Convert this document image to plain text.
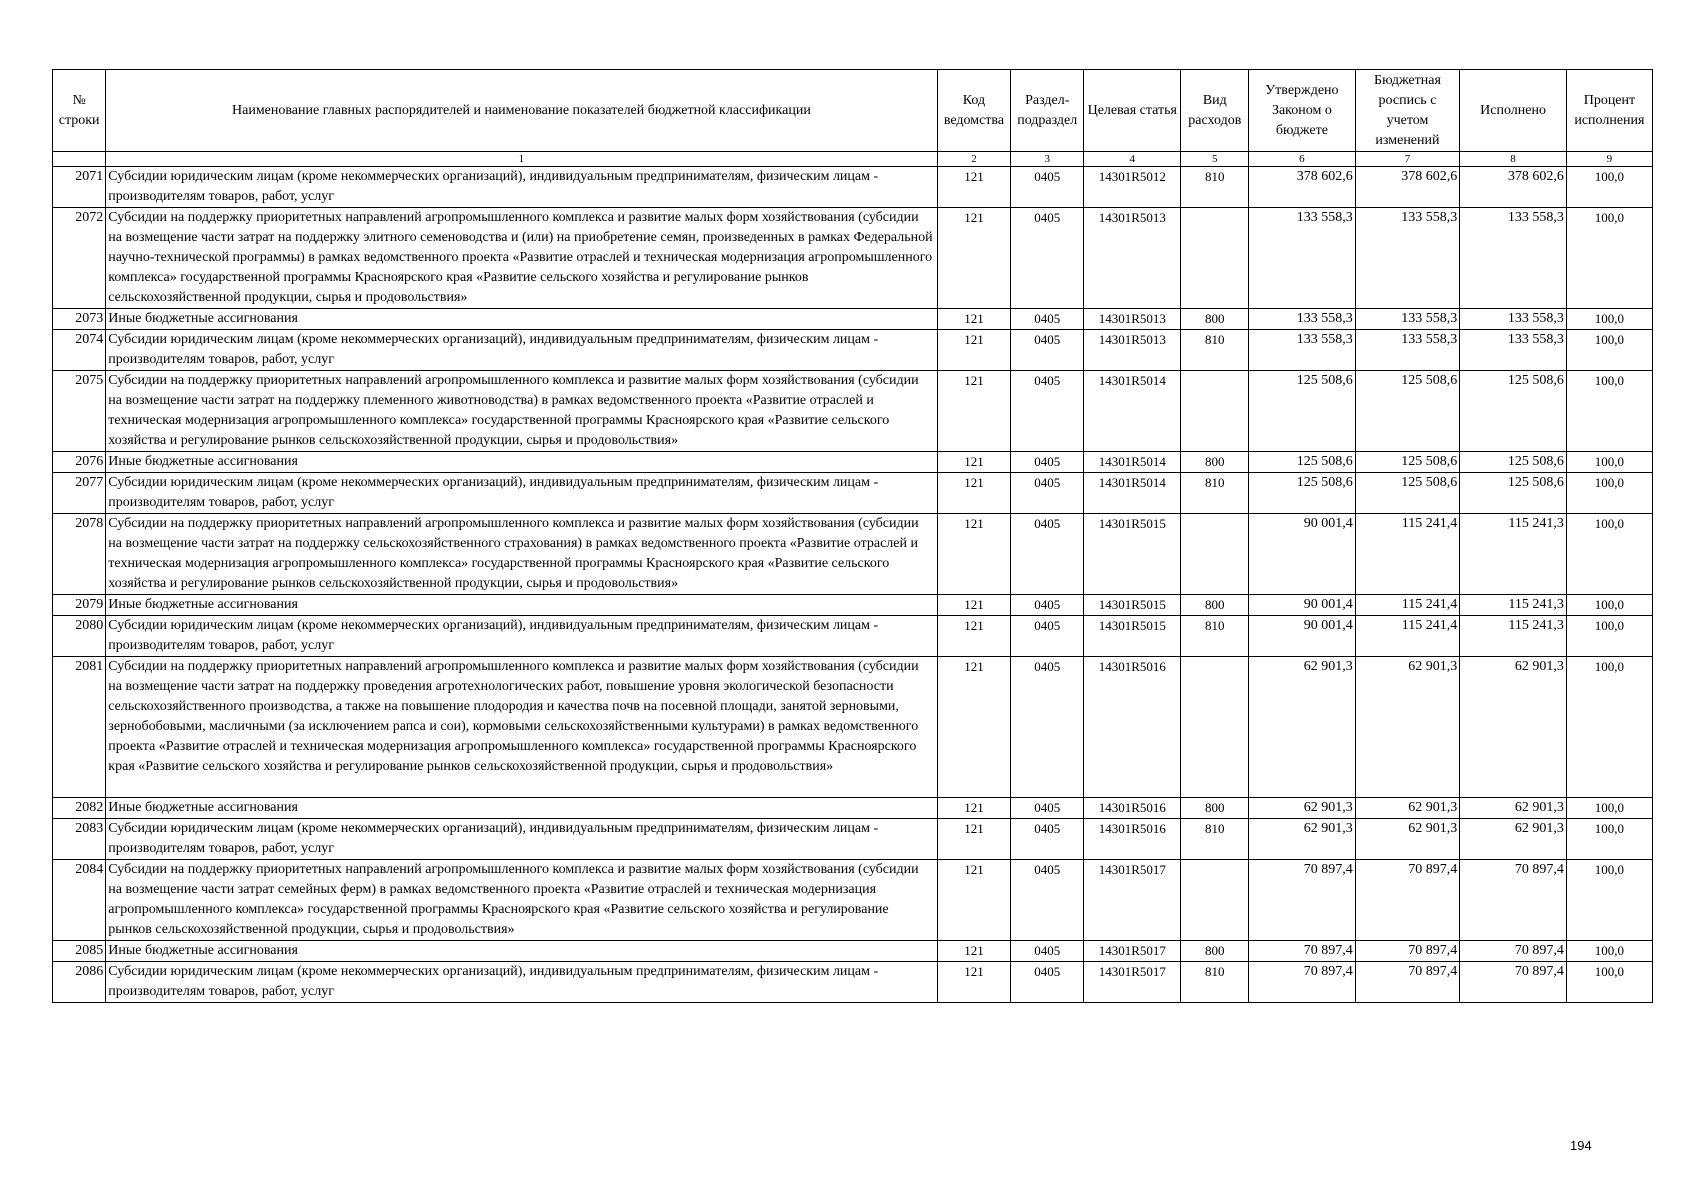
№ строки	Наименование главных распорядителей и наименование показателей бюджетной классификации	Код ведомства	Раздел-подраздел	Целевая статья	Вид расходов	Утверждено Законом о бюджете	Бюджетная роспись с учетом изменений	Исполнено	Процент исполнения
	1	2	3	4	5	6	7	8	9
2071	Субсидии юридическим лицам (кроме некоммерческих организаций), индивидуальным предпринимателям, физическим лицам - производителям товаров, работ, услуг	121	0405	14301R5012	810	378 602,6	378 602,6	378 602,6	100,0
2072	Субсидии на поддержку приоритетных направлений агропромышленного комплекса и развитие малых форм хозяйствования (субсидии на возмещение части затрат на поддержку элитного семеноводства и (или) на приобретение семян, произведенных в рамках Федеральной научно-технической программы) в рамках ведомственного проекта «Развитие отраслей и техническая модернизация агропромышленного комплекса» государственной программы Красноярского края «Развитие сельского хозяйства и регулирование рынков сельскохозяйственной продукции, сырья и продовольствия»	121	0405	14301R5013		133 558,3	133 558,3	133 558,3	100,0
2073	Иные бюджетные ассигнования	121	0405	14301R5013	800	133 558,3	133 558,3	133 558,3	100,0
2074	Субсидии юридическим лицам (кроме некоммерческих организаций), индивидуальным предпринимателям, физическим лицам - производителям товаров, работ, услуг	121	0405	14301R5013	810	133 558,3	133 558,3	133 558,3	100,0
2075	Субсидии на поддержку приоритетных направлений агропромышленного комплекса и развитие малых форм хозяйствования (субсидии на возмещение части затрат на поддержку племенного животноводства) в рамках ведомственного проекта «Развитие отраслей и техническая модернизация агропромышленного комплекса» государственной программы Красноярского края «Развитие сельского хозяйства и регулирование рынков сельскохозяйственной продукции, сырья и продовольствия»	121	0405	14301R5014		125 508,6	125 508,6	125 508,6	100,0
2076	Иные бюджетные ассигнования	121	0405	14301R5014	800	125 508,6	125 508,6	125 508,6	100,0
2077	Субсидии юридическим лицам (кроме некоммерческих организаций), индивидуальным предпринимателям, физическим лицам - производителям товаров, работ, услуг	121	0405	14301R5014	810	125 508,6	125 508,6	125 508,6	100,0
2078	Субсидии на поддержку приоритетных направлений агропромышленного комплекса и развитие малых форм хозяйствования (субсидии на возмещение части затрат на поддержку сельскохозяйственного страхования) в рамках ведомственного проекта «Развитие отраслей и техническая модернизация агропромышленного комплекса» государственной программы Красноярского края «Развитие сельского хозяйства и регулирование рынков сельскохозяйственной продукции, сырья и продовольствия»	121	0405	14301R5015		90 001,4	115 241,4	115 241,3	100,0
2079	Иные бюджетные ассигнования	121	0405	14301R5015	800	90 001,4	115 241,4	115 241,3	100,0
2080	Субсидии юридическим лицам (кроме некоммерческих организаций), индивидуальным предпринимателям, физическим лицам - производителям товаров, работ, услуг	121	0405	14301R5015	810	90 001,4	115 241,4	115 241,3	100,0
2081	Субсидии на поддержку приоритетных направлений агропромышленного комплекса и развитие малых форм хозяйствования (субсидии на возмещение части затрат на поддержку проведения агротехнологических работ, повышение уровня экологической безопасности сельскохозяйственного производства, а также на повышение плодородия и качества почв на посевной площади, занятой зерновыми, зернобобовыми, масличными (за исключением рапса и сои), кормовыми сельскохозяйственными культурами) в рамках ведомственного проекта «Развитие отраслей и техническая модернизация агропромышленного комплекса» государственной программы Красноярского края «Развитие сельского хозяйства и регулирование рынков сельскохозяйственной продукции, сырья и продовольствия»	121	0405	14301R5016		62 901,3	62 901,3	62 901,3	100,0
2082	Иные бюджетные ассигнования	121	0405	14301R5016	800	62 901,3	62 901,3	62 901,3	100,0
2083	Субсидии юридическим лицам (кроме некоммерческих организаций), индивидуальным предпринимателям, физическим лицам - производителям товаров, работ, услуг	121	0405	14301R5016	810	62 901,3	62 901,3	62 901,3	100,0
2084	Субсидии на поддержку приоритетных направлений агропромышленного комплекса и развитие малых форм хозяйствования (субсидии на возмещение части затрат семейных ферм) в рамках ведомственного проекта «Развитие отраслей и техническая модернизация агропромышленного комплекса» государственной программы Красноярского края «Развитие сельского хозяйства и регулирование рынков сельскохозяйственной продукции, сырья и продовольствия»	121	0405	14301R5017		70 897,4	70 897,4	70 897,4	100,0
2085	Иные бюджетные ассигнования	121	0405	14301R5017	800	70 897,4	70 897,4	70 897,4	100,0
2086	Субсидии юридическим лицам (кроме некоммерческих организаций), индивидуальным предпринимателям, физическим лицам - производителям товаров, работ, услуг	121	0405	14301R5017	810	70 897,4	70 897,4	70 897,4	100,0
194
